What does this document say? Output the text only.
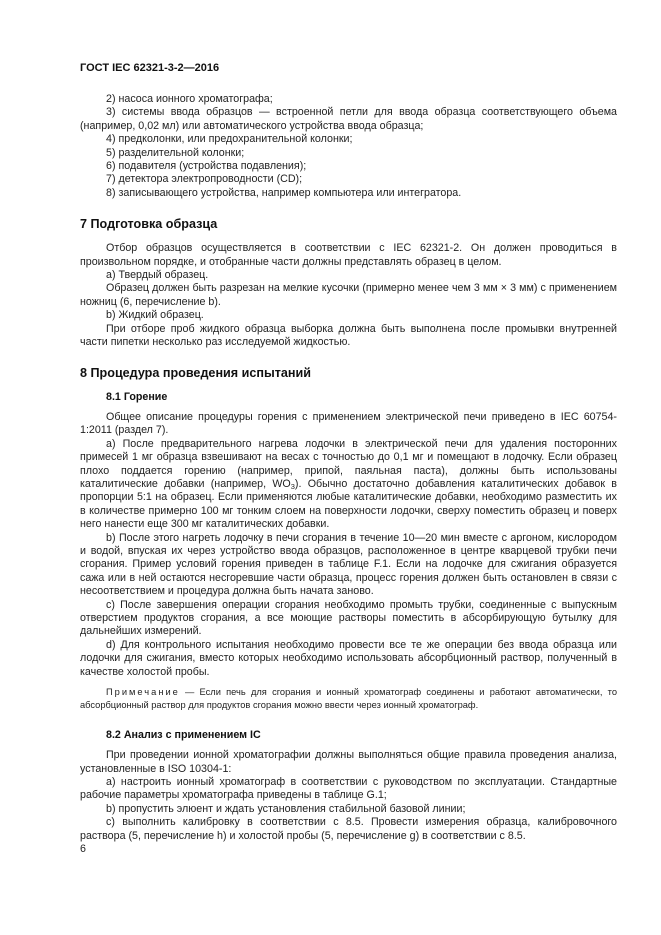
ГОСТ IEC 62321-3-2—2016

2) насоса ионного хроматографа;

3) системы ввода образцов — встроенной петли для ввода образца соответствующего объема (например, 0,02 мл) или автоматического устройства ввода образца;

4) предколонки, или предохранительной колонки;

5) разделительной колонки;

6) подавителя (устройства подавления);

7) детектора электропроводности (CD);

8) записывающего устройства, например компьютера или интегратора.

7 Подготовка образца

Отбор образцов осуществляется в соответствии с IEC 62321-2. Он должен проводиться в произвольном порядке, и отобранные части должны представлять образец в целом.

а) Твердый образец.

Образец должен быть разрезан на мелкие кусочки (примерно менее чем 3 мм × 3 мм) с применением ножниц (6, перечисление b).

b) Жидкий образец.

При отборе проб жидкого образца выборка должна быть выполнена после промывки внутренней части пипетки несколько раз исследуемой жидкостью.

8 Процедура проведения испытаний
8.1 Горение

Общее описание процедуры горения с применением электрической печи приведено в IEC 60754-1:2011 (раздел 7).

а) После предварительного нагрева лодочки в электрической печи для удаления посторонних примесей 1 мг образца взвешивают на весах с точностью до 0,1 мг и помещают в лодочку. Если образец плохо поддается горению (например, припой, паяльная паста), должны быть использованы каталитические добавки (например, $WO_3$). Обычно достаточно добавления каталитических добавок в пропорции 5:1 на образец. Если применяются любые каталитические добавки, необходимо разместить их в количестве примерно 100 мг тонким слоем на поверхности лодочки, сверху поместить образец и поверх него нанести еще 300 мг каталитических добавки.

b) После этого нагреть лодочку в печи сгорания в течение 10—20 мин вместе с аргоном, кислородом и водой, впуская их через устройство ввода образцов, расположенное в центре кварцевой трубки печи сгорания. Пример условий горения приведен в таблице F.1. Если на лодочке для сжигания образуется сажа или в ней остаются несгоревшие части образца, процесс горения должен быть остановлен в связи с несоответствием и процедура должна быть начата заново.

с) После завершения операции сгорания необходимо промыть трубки, соединенные с выпускным отверстием продуктов сгорания, а все моющие растворы поместить в абсорбирующую бутылку для дальнейших измерений.

d) Для контрольного испытания необходимо провести все те же операции без ввода образца или лодочки для сжигания, вместо которых необходимо использовать абсорбционный раствор, полученный в качестве холостой пробы.

Примечание — Если печь для сгорания и ионный хроматограф соединены и работают автоматически, то абсорбционный раствор для продуктов сгорания можно ввести через ионный хроматограф.

8.2 Анализ с применением IC

При проведении ионной хроматографии должны выполняться общие правила проведения анализа, установленные в ISO 10304-1:

а) настроить ионный хроматограф в соответствии с руководством по эксплуатации. Стандартные рабочие параметры хроматографа приведены в таблице G.1;

b) пропустить элюент и ждать установления стабильной базовой линии;

с) выполнить калибровку в соответствии с 8.5. Провести измерения образца, калибровочного раствора (5, перечисление h) и холостой пробы (5, перечисление g) в соответствии с 8.5.

6
